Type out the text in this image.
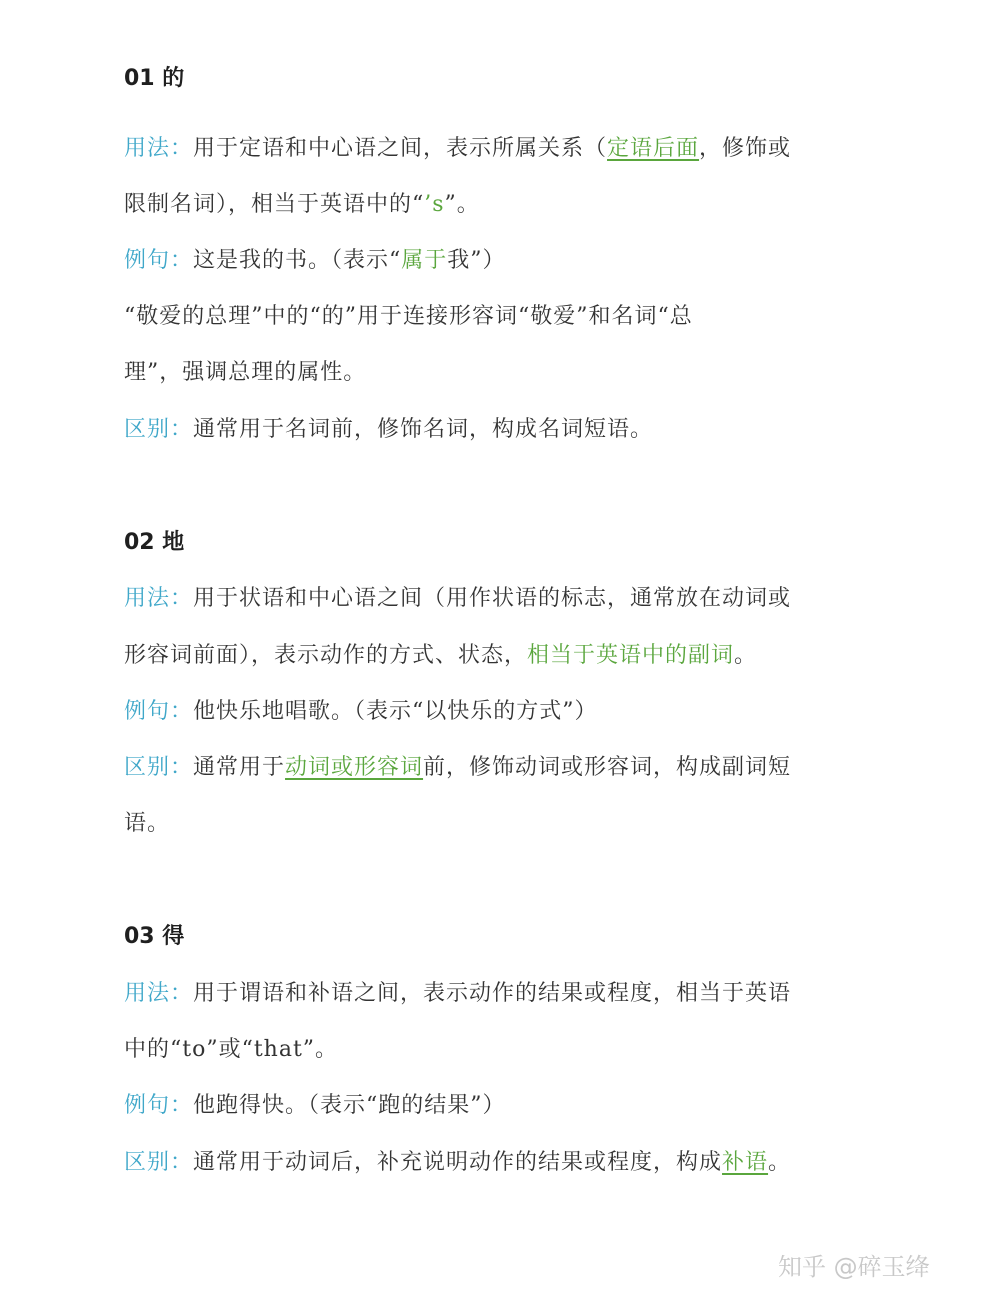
01 的
用法：用于定语和中心语之间，表示所属关系（定语后面，修饰或
限制名词），相当于英语中的“’s”。
例句：这是我的书。（表示“属于我”）
“敬爱的总理”中的“的”用于连接形容词“敬爱”和名词“总
理”，强调总理的属性。
区别：通常用于名词前，修饰名词，构成名词短语。
02 地
用法：用于状语和中心语之间（用作状语的标志，通常放在动词或
形容词前面），表示动作的方式、状态，相当于英语中的副词。
例句：他快乐地唱歌。（表示“以快乐的方式”）
区别：通常用于动词或形容词前，修饰动词或形容词，构成副词短
语。
03 得
用法：用于谓语和补语之间，表示动作的结果或程度，相当于英语
中的“to”或“that”。
例句：他跑得快。（表示“跑的结果”）
区别：通常用于动词后，补充说明动作的结果或程度，构成补语。
知乎 @碎玉绛
